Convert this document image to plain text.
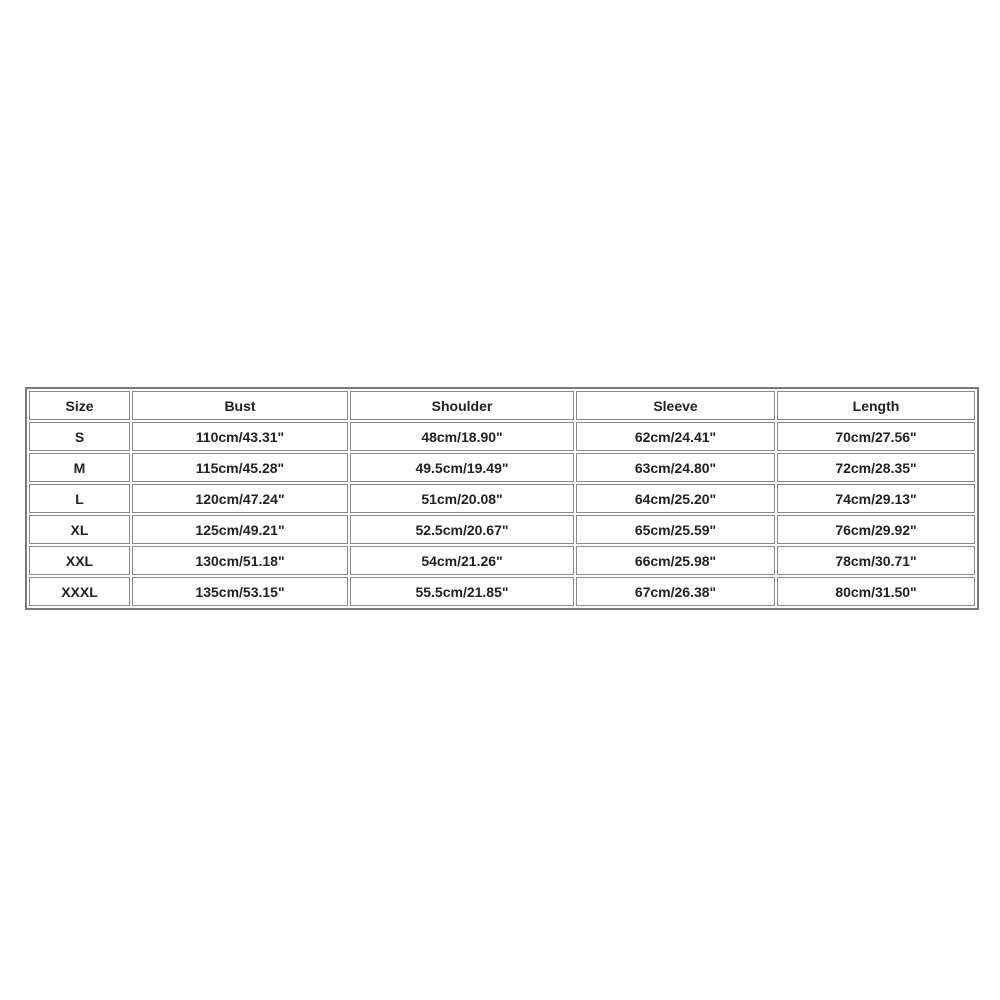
Size	Bust	Shoulder	Sleeve	Length
S	110cm/43.31"	48cm/18.90"	62cm/24.41"	70cm/27.56"
M	115cm/45.28"	49.5cm/19.49"	63cm/24.80"	72cm/28.35"
L	120cm/47.24"	51cm/20.08"	64cm/25.20"	74cm/29.13"
XL	125cm/49.21"	52.5cm/20.67"	65cm/25.59"	76cm/29.92"
XXL	130cm/51.18"	54cm/21.26"	66cm/25.98"	78cm/30.71"
XXXL	135cm/53.15"	55.5cm/21.85"	67cm/26.38"	80cm/31.50"
